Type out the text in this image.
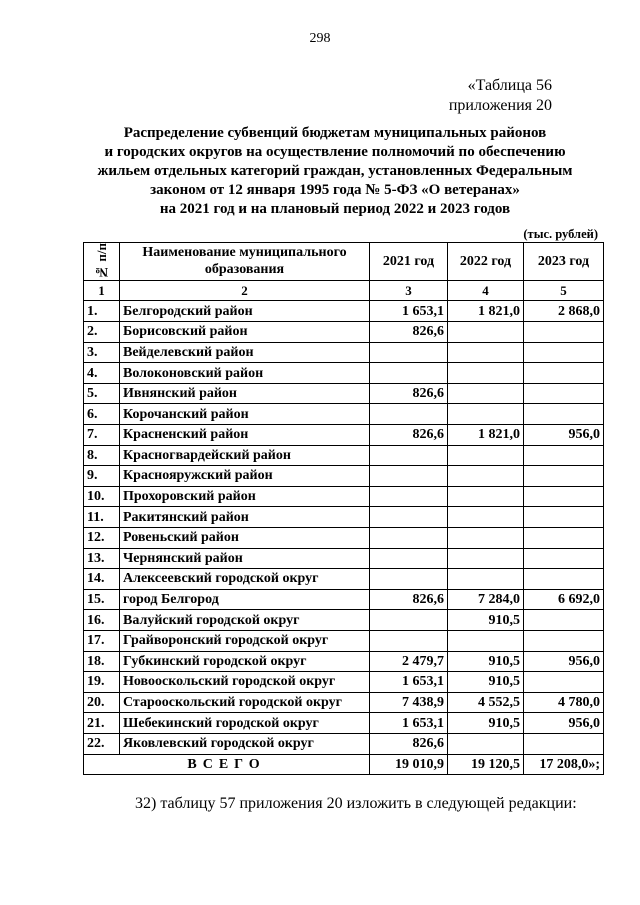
298
«Таблица 56
приложения 20
Распределение субвенций бюджетам муниципальных районов
и городских округов на осуществление полномочий по обеспечению
жильем отдельных категорий граждан, установленных Федеральным
законом от 12 января 1995 года № 5-ФЗ «О ветеранах»
на 2021 год и на плановый период 2022 и 2023 годов
(тыс. рублей)
№ п/п	Наименование муниципального образования	2021 год	2022 год	2023 год
1	2	3	4	5
1.	Белгородский район	1 653,1	1 821,0	2 868,0
2.	Борисовский район	826,6		
3.	Вейделевский район			
4.	Волоконовский район			
5.	Ивнянский район	826,6		
6.	Корочанский район			
7.	Красненский район	826,6	1 821,0	956,0
8.	Красногвардейский район			
9.	Краснояружский район			
10.	Прохоровский район			
11.	Ракитянский район			
12.	Ровеньский район			
13.	Чернянский район			
14.	Алексеевский городской округ			
15.	город Белгород	826,6	7 284,0	6 692,0
16.	Валуйский городской округ		910,5	
17.	Грайворонский городской округ			
18.	Губкинский городской округ	2 479,7	910,5	956,0
19.	Новооскольский городской округ	1 653,1	910,5	
20.	Старооскольский городской округ	7 438,9	4 552,5	4 780,0
21.	Шебекинский городской округ	1 653,1	910,5	956,0
22.	Яковлевский городской округ	826,6		
ВСЕГО		19 010,9	19 120,5	17 208,0»;
32) таблицу 57 приложения 20 изложить в следующей редакции:
